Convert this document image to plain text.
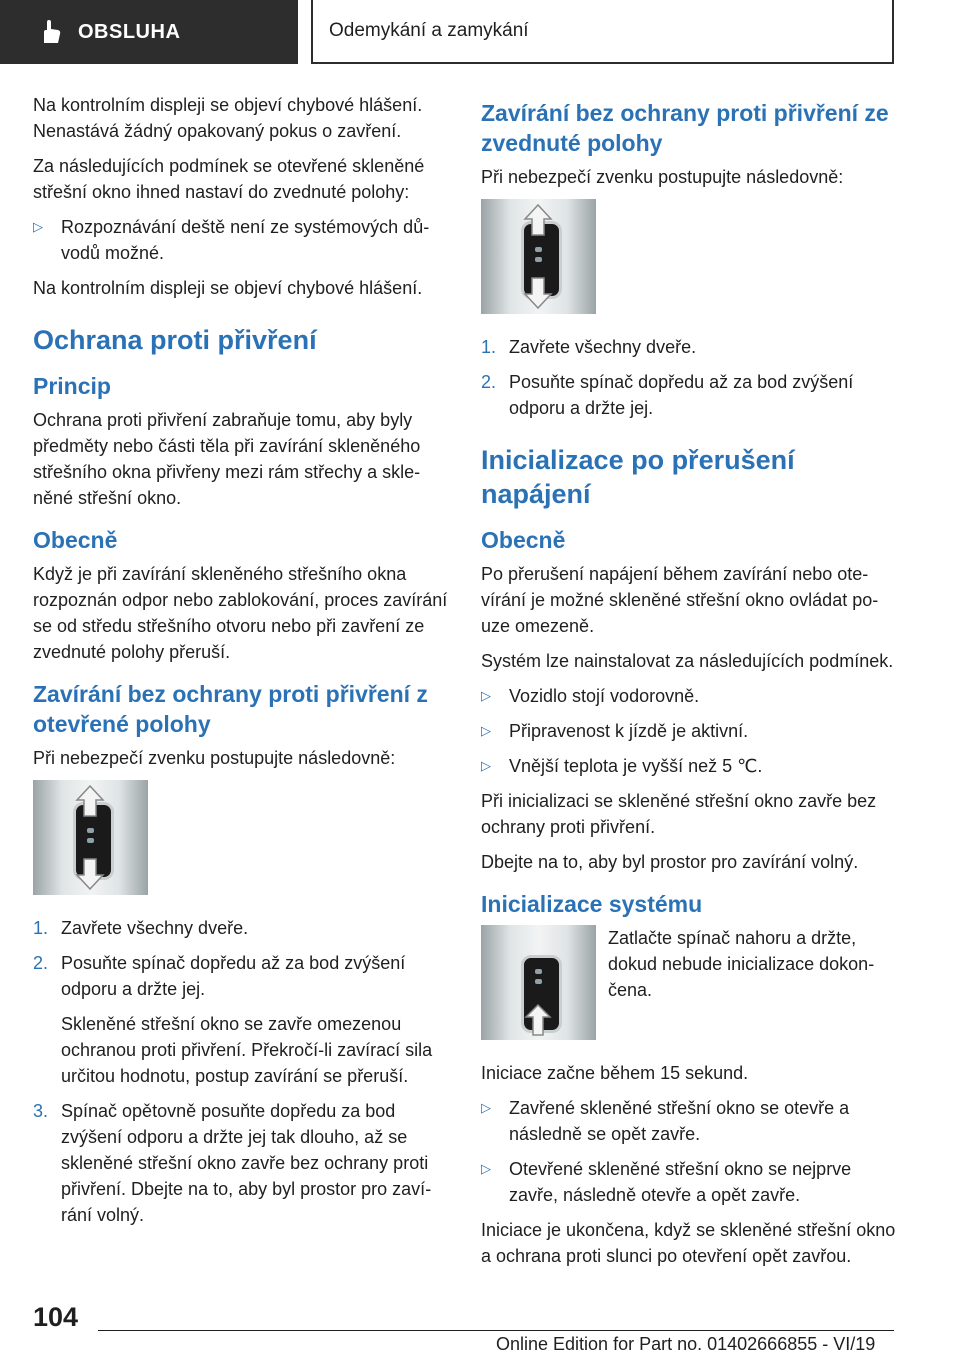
OBSLUHA	Odemykání a zamykání

Na kontrolním displeji se objeví chybové hlášení. Nenastává žádný opakovaný pokus o zavření.

Za následujících podmínek se otevřené skleněné střešní okno ihned nastaví do zvednuté polohy:

▷	Rozpoznávání deště není ze systémových důvodů možné.

Na kontrolním displeji se objeví chybové hlášení.

Ochrana proti přivření
Princip

Ochrana proti přivření zabraňuje tomu, aby byly předměty nebo části těla při zavírání skleněného střešního okna přivřeny mezi rám střechy a skleněné střešní okno.

Obecně

Když je při zavírání skleněného střešního okna rozpoznán odpor nebo zablokování, proces zavírání se od středu střešního otvoru nebo při zavření ze zvednuté polohy přeruší.

Zavírání bez ochrany proti přivření z otevřené polohy

Při nebezpečí zvenku postupujte následovně:

1. Zavřete všechny dveře.
2. Posuňte spínač dopředu až za bod zvýšení odporu a držte jej.

Skleněné střešní okno se zavře omezenou ochranou proti přivření. Překročí-li zavírací sila určitou hodnotu, postup zavírání se přeruší.

3. Spínač opětovně posuňte dopředu za bod zvýšení odporu a držte jej tak dlouho, až se skleněné střešní okno zavře bez ochrany proti přivření. Dbejte na to, aby byl prostor pro zavírání volný.
Zavírání bez ochrany proti přivření ze zvednuté polohy

Při nebezpečí zvenku postupujte následovně:

1. Zavřete všechny dveře.
2. Posuňte spínač dopředu až za bod zvýšení odporu a držte jej.
Inicializace po přerušení napájení
Obecně

Po přerušení napájení během zavírání nebo otevírání je možné skleněné střešní okno ovládat pouze omezeně.

Systém lze nainstalovat za následujících podmínek.

▷	Vozidlo stojí vodorovně.
▷	Připravenost k jízdě je aktivní.
▷	Vnější teplota je vyšší než 5 ℃.

Při inicializaci se skleněné střešní okno zavře bez ochrany proti přivření.

Dbejte na to, aby byl prostor pro zavírání volný.

Inicializace systému

Zatlačte spínač nahoru a držte, dokud nebude inicializace dokončena.

Iniciace začne během 15 sekund.

▷	Zavřené skleněné střešní okno se otevře a následně se opět zavře.
▷	Otevřené skleněné střešní okno se nejprve zavře, následně otevře a opět zavře.

Iniciace je ukončena, když se skleněné střešní okno a ochrana proti slunci po otevření opět zavřou.

104
Online Edition for Part no. 01402666855 - VI/19
